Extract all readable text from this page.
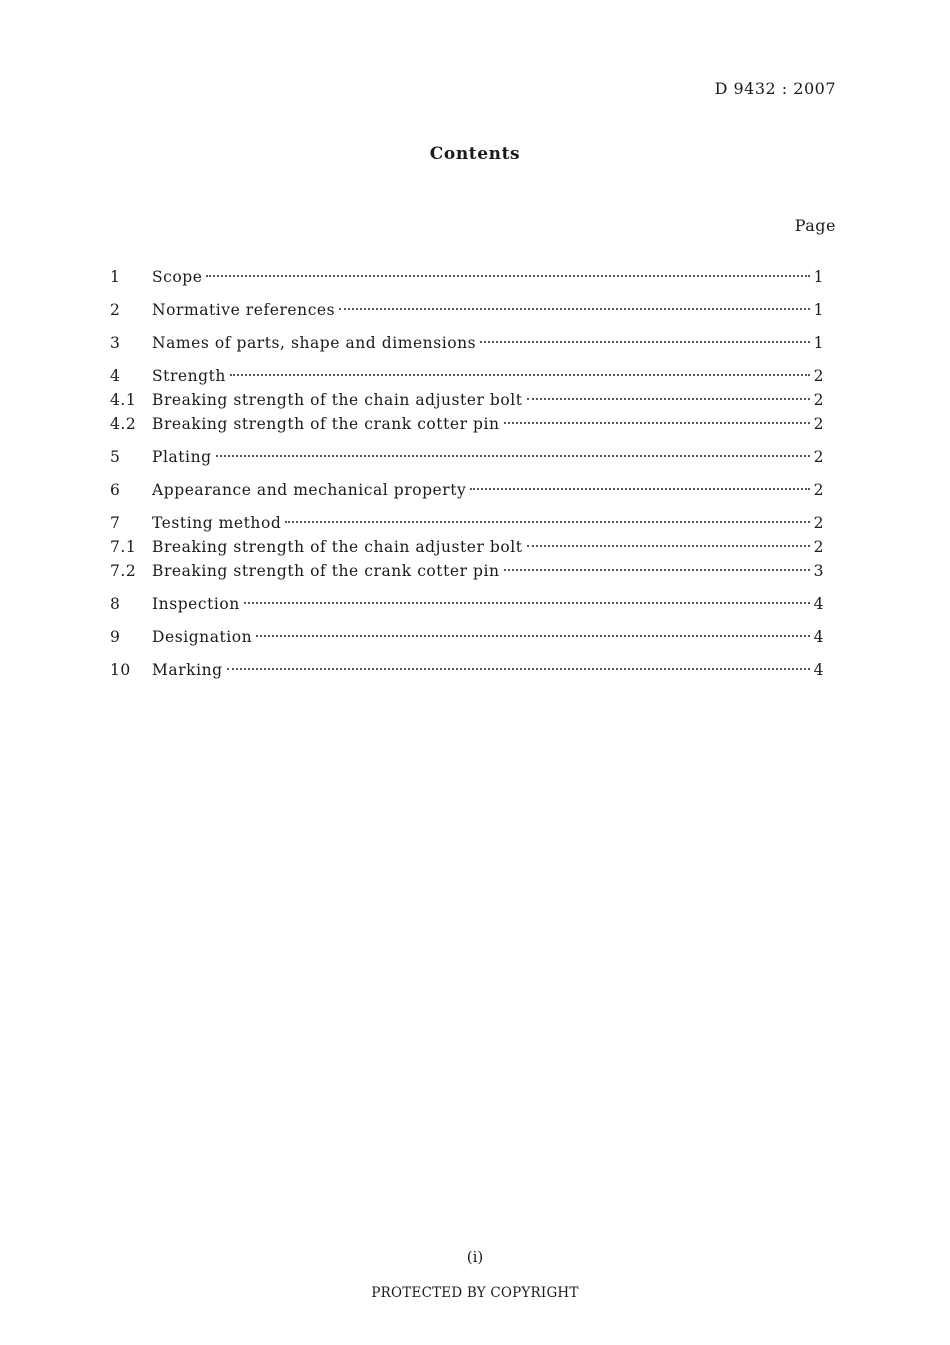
D 9432 : 2007
Contents
Page
1	Scope	1
2	Normative references	1
3	Names of parts, shape and dimensions	1
4	Strength	2
4.1	Breaking strength of the chain adjuster bolt	2
4.2	Breaking strength of the crank cotter pin	2
5	Plating	2
6	Appearance and mechanical property	2
7	Testing method	2
7.1	Breaking strength of the chain adjuster bolt	2
7.2	Breaking strength of the crank cotter pin	3
8	Inspection	4
9	Designation	4
10	Marking	4
(i)
PROTECTED BY COPYRIGHT
